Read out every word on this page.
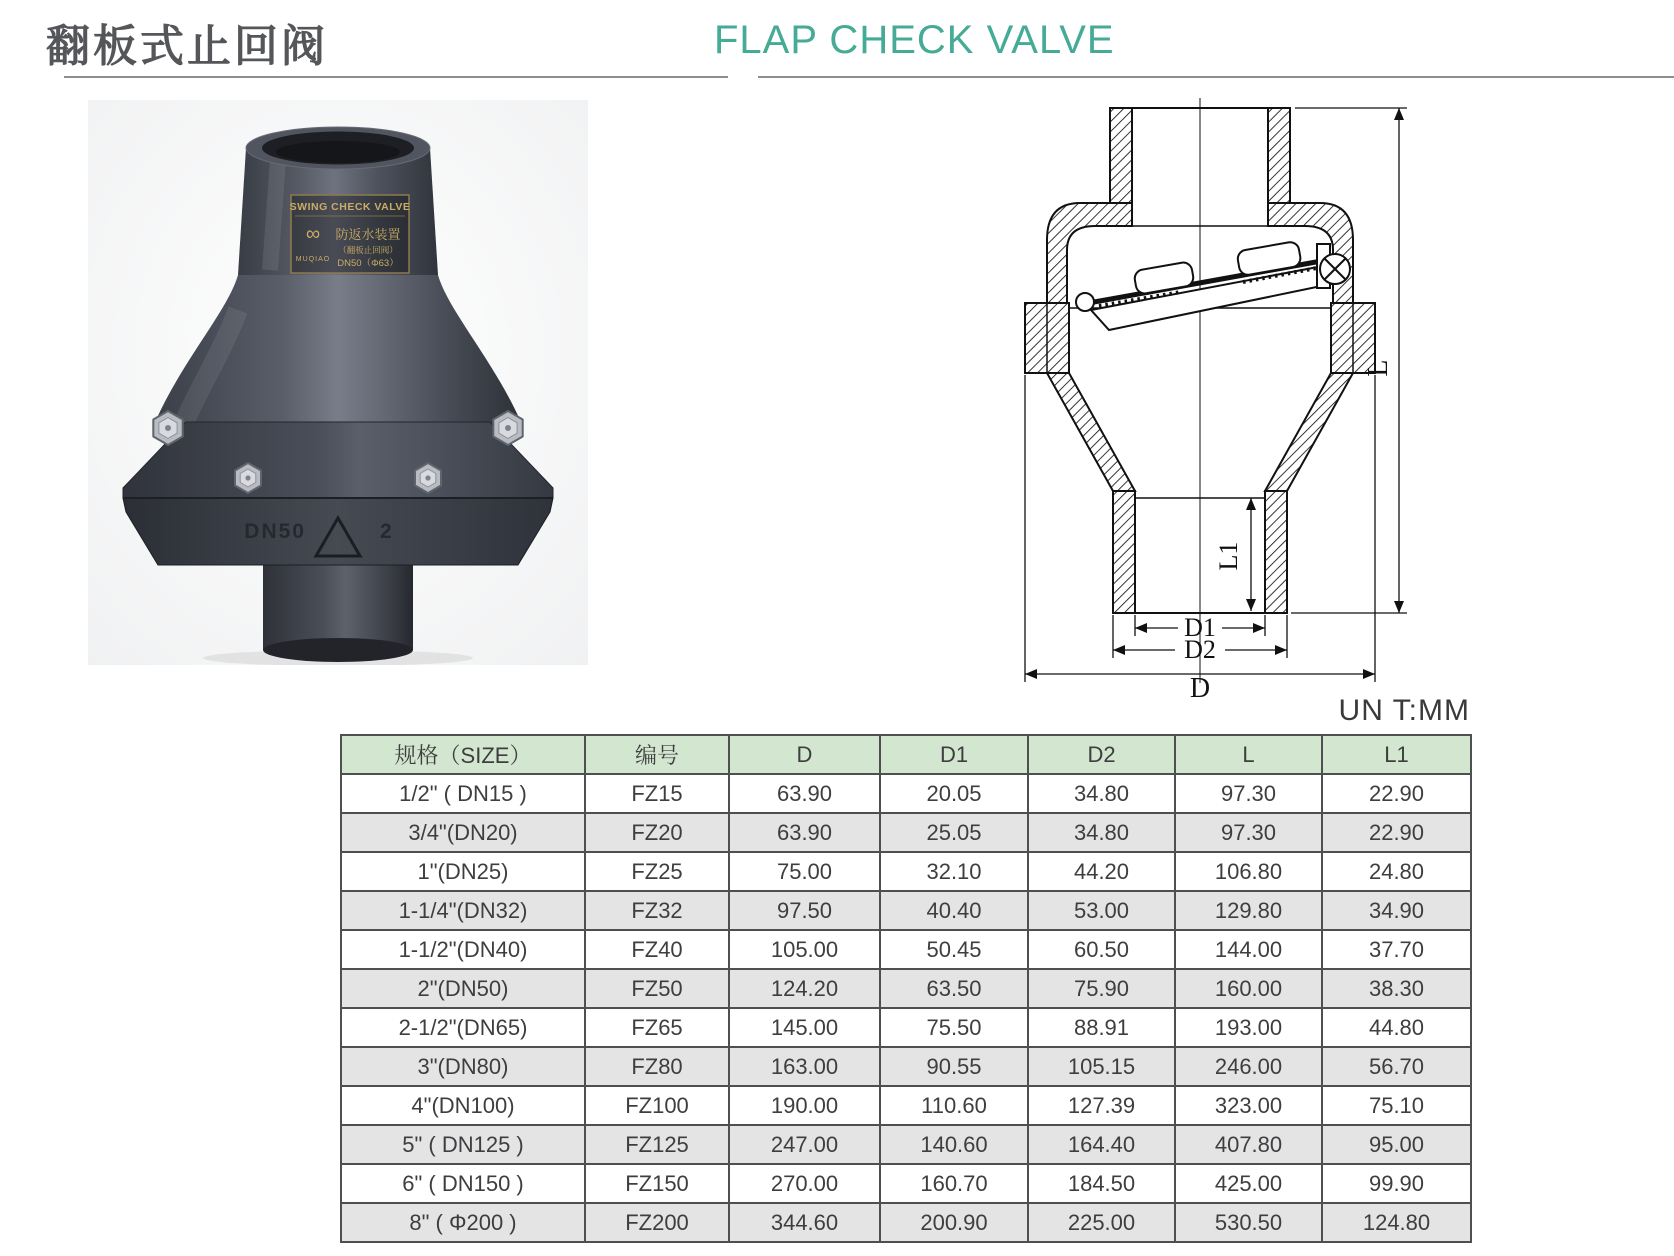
翻板式止回阀	FLAP CHECK VALVE
SWING CHECK VALVE
∞
MUQIAO
防返水装置
（翻板止回阀）
DN50（Φ63）
DN50	2
L
L1
D1
D2
D
UN T:MM
规格（SIZE）	编号	D	D1	D2	L	L1
1/2" ( DN15 )	FZ15	63.90	20.05	34.80	97.30	22.90
3/4"(DN20)	FZ20	63.90	25.05	34.80	97.30	22.90
1"(DN25)	FZ25	75.00	32.10	44.20	106.80	24.80
1-1/4"(DN32)	FZ32	97.50	40.40	53.00	129.80	34.90
1-1/2"(DN40)	FZ40	105.00	50.45	60.50	144.00	37.70
2"(DN50)	FZ50	124.20	63.50	75.90	160.00	38.30
2-1/2"(DN65)	FZ65	145.00	75.50	88.91	193.00	44.80
3"(DN80)	FZ80	163.00	90.55	105.15	246.00	56.70
4"(DN100)	FZ100	190.00	110.60	127.39	323.00	75.10
5" ( DN125 )	FZ125	247.00	140.60	164.40	407.80	95.00
6" ( DN150 )	FZ150	270.00	160.70	184.50	425.00	99.90
8" ( Φ200 )	FZ200	344.60	200.90	225.00	530.50	124.80
